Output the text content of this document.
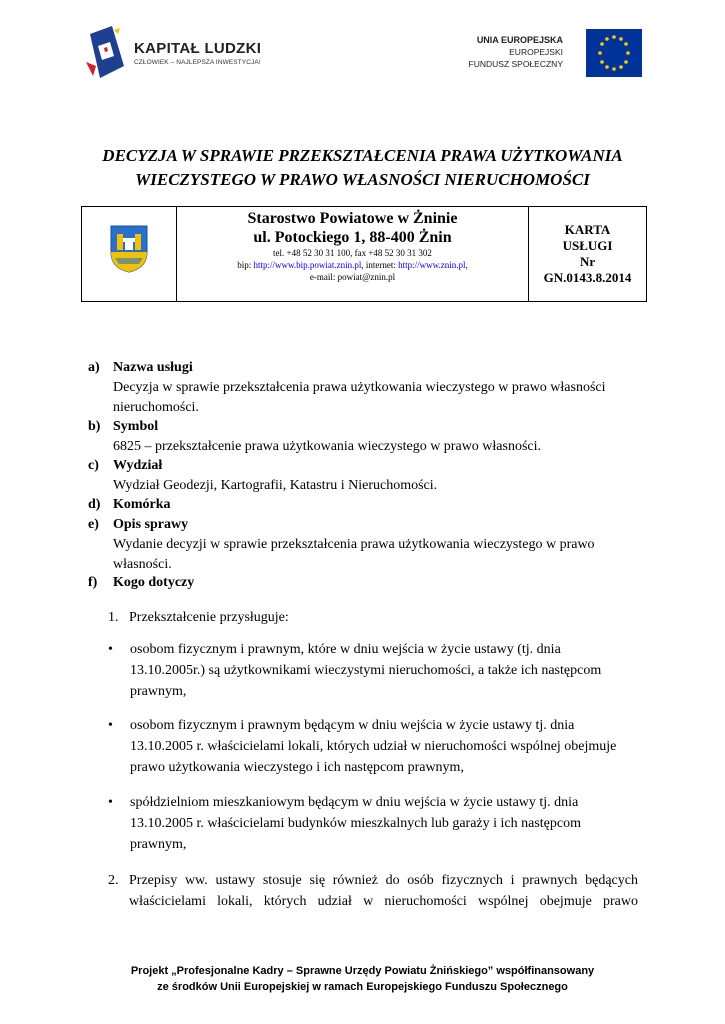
KAPITAŁ LUDZKI
CZŁOWIEK – NAJLEPSZA INWESTYCJA!
UNIA EUROPEJSKA
EUROPEJSKI
FUNDUSZ SPOŁECZNY
DECYZJA W SPRAWIE PRZEKSZTAŁCENIA PRAWA UŻYTKOWANIA
WIECZYSTEGO W PRAWO WŁASNOŚCI NIERUCHOMOŚCI

Starostwo Powiatowe w Żninie
ul. Potockiego 1, 88-400 Żnin
tel. +48 52 30 31 100, fax +48 52 30 31 302
bip: http://www.bip.powiat.znin.pl, internet: http://www.znin.pl,
e-mail: powiat@znin.pl

KARTA
USŁUGI
Nr
GN.0143.8.2014
a) Nazwa usługi
Decyzja w sprawie przekształcenia prawa użytkowania wieczystego w prawo własności
nieruchomości.
b) Symbol
6825 – przekształcenie prawa użytkowania wieczystego w prawo własności.
c) Wydział
Wydział Geodezji, Kartografii, Katastru i Nieruchomości.
d) Komórka
e) Opis sprawy
Wydanie decyzji w sprawie przekształcenia prawa użytkowania wieczystego w prawo
własności.
f) Kogo dotyczy
1. Przekształcenie przysługuje:
• osobom fizycznym i prawnym, które w dniu wejścia w życie ustawy (tj. dnia
13.10.2005r.) są użytkownikami wieczystymi nieruchomości, a także ich następcom
prawnym,
• osobom fizycznym i prawnym będącym w dniu wejścia w życie ustawy tj. dnia
13.10.2005 r. właścicielami lokali, których udział w nieruchomości wspólnej obejmuje
prawo użytkowania wieczystego i ich następcom prawnym,
• spółdzielniom mieszkaniowym będącym w dniu wejścia w życie ustawy tj. dnia
13.10.2005 r. właścicielami budynków mieszkalnych lub garaży i ich następcom
prawnym,
2. Przepisy ww. ustawy stosuje się również do osób fizycznych i prawnych będących
właścicielami lokali, których udział w nieruchomości wspólnej obejmuje prawo
Projekt „Profesjonalne Kadry – Sprawne Urzędy Powiatu Żnińskiego” współfinansowany
ze środków Unii Europejskiej w ramach Europejskiego Funduszu Społecznego
